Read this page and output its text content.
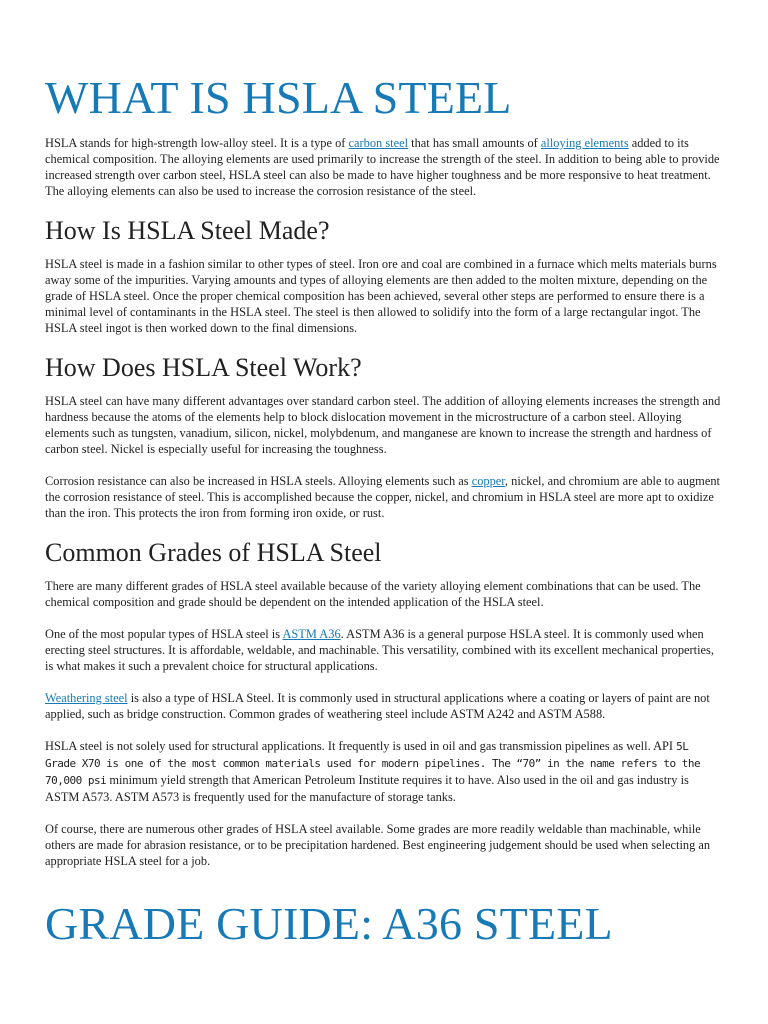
WHAT IS HSLA STEEL

HSLA stands for high-strength low-alloy steel. It is a type of carbon steel that has small amounts of alloying elements added to its chemical composition. The alloying elements are used primarily to increase the strength of the steel. In addition to being able to provide increased strength over carbon steel, HSLA steel can also be made to have higher toughness and be more responsive to heat treatment. The alloying elements can also be used to increase the corrosion resistance of the steel.

How Is HSLA Steel Made?

HSLA steel is made in a fashion similar to other types of steel. Iron ore and coal are combined in a furnace which melts materials burns away some of the impurities. Varying amounts and types of alloying elements are then added to the molten mixture, depending on the grade of HSLA steel. Once the proper chemical composition has been achieved, several other steps are performed to ensure there is a minimal level of contaminants in the HSLA steel. The steel is then allowed to solidify into the form of a large rectangular ingot. The HSLA steel ingot is then worked down to the final dimensions.

How Does HSLA Steel Work?

HSLA steel can have many different advantages over standard carbon steel. The addition of alloying elements increases the strength and hardness because the atoms of the elements help to block dislocation movement in the microstructure of a carbon steel. Alloying elements such as tungsten, vanadium, silicon, nickel, molybdenum, and manganese are known to increase the strength and hardness of carbon steel. Nickel is especially useful for increasing the toughness.

Corrosion resistance can also be increased in HSLA steels. Alloying elements such as copper, nickel, and chromium are able to augment the corrosion resistance of steel. This is accomplished because the copper, nickel, and chromium in HSLA steel are more apt to oxidize than the iron. This protects the iron from forming iron oxide, or rust.

Common Grades of HSLA Steel

There are many different grades of HSLA steel available because of the variety alloying element combinations that can be used. The chemical composition and grade should be dependent on the intended application of the HSLA steel.

One of the most popular types of HSLA steel is ASTM A36. ASTM A36 is a general purpose HSLA steel. It is commonly used when erecting steel structures. It is affordable, weldable, and machinable. This versatility, combined with its excellent mechanical properties, is what makes it such a prevalent choice for structural applications.

Weathering steel is also a type of HSLA Steel. It is commonly used in structural applications where a coating or layers of paint are not applied, such as bridge construction. Common grades of weathering steel include ASTM A242 and ASTM A588.

HSLA steel is not solely used for structural applications. It frequently is used in oil and gas transmission pipelines as well. API 5L Grade X70 is one of the most common materials used for modern pipelines. The “70” in the name refers to the 70,000 psi minimum yield strength that American Petroleum Institute requires it to have. Also used in the oil and gas industry is ASTM A573. ASTM A573 is frequently used for the manufacture of storage tanks.

Of course, there are numerous other grades of HSLA steel available. Some grades are more readily weldable than machinable, while others are made for abrasion resistance, or to be precipitation hardened. Best engineering judgement should be used when selecting an appropriate HSLA steel for a job.

GRADE GUIDE: A36 STEEL
